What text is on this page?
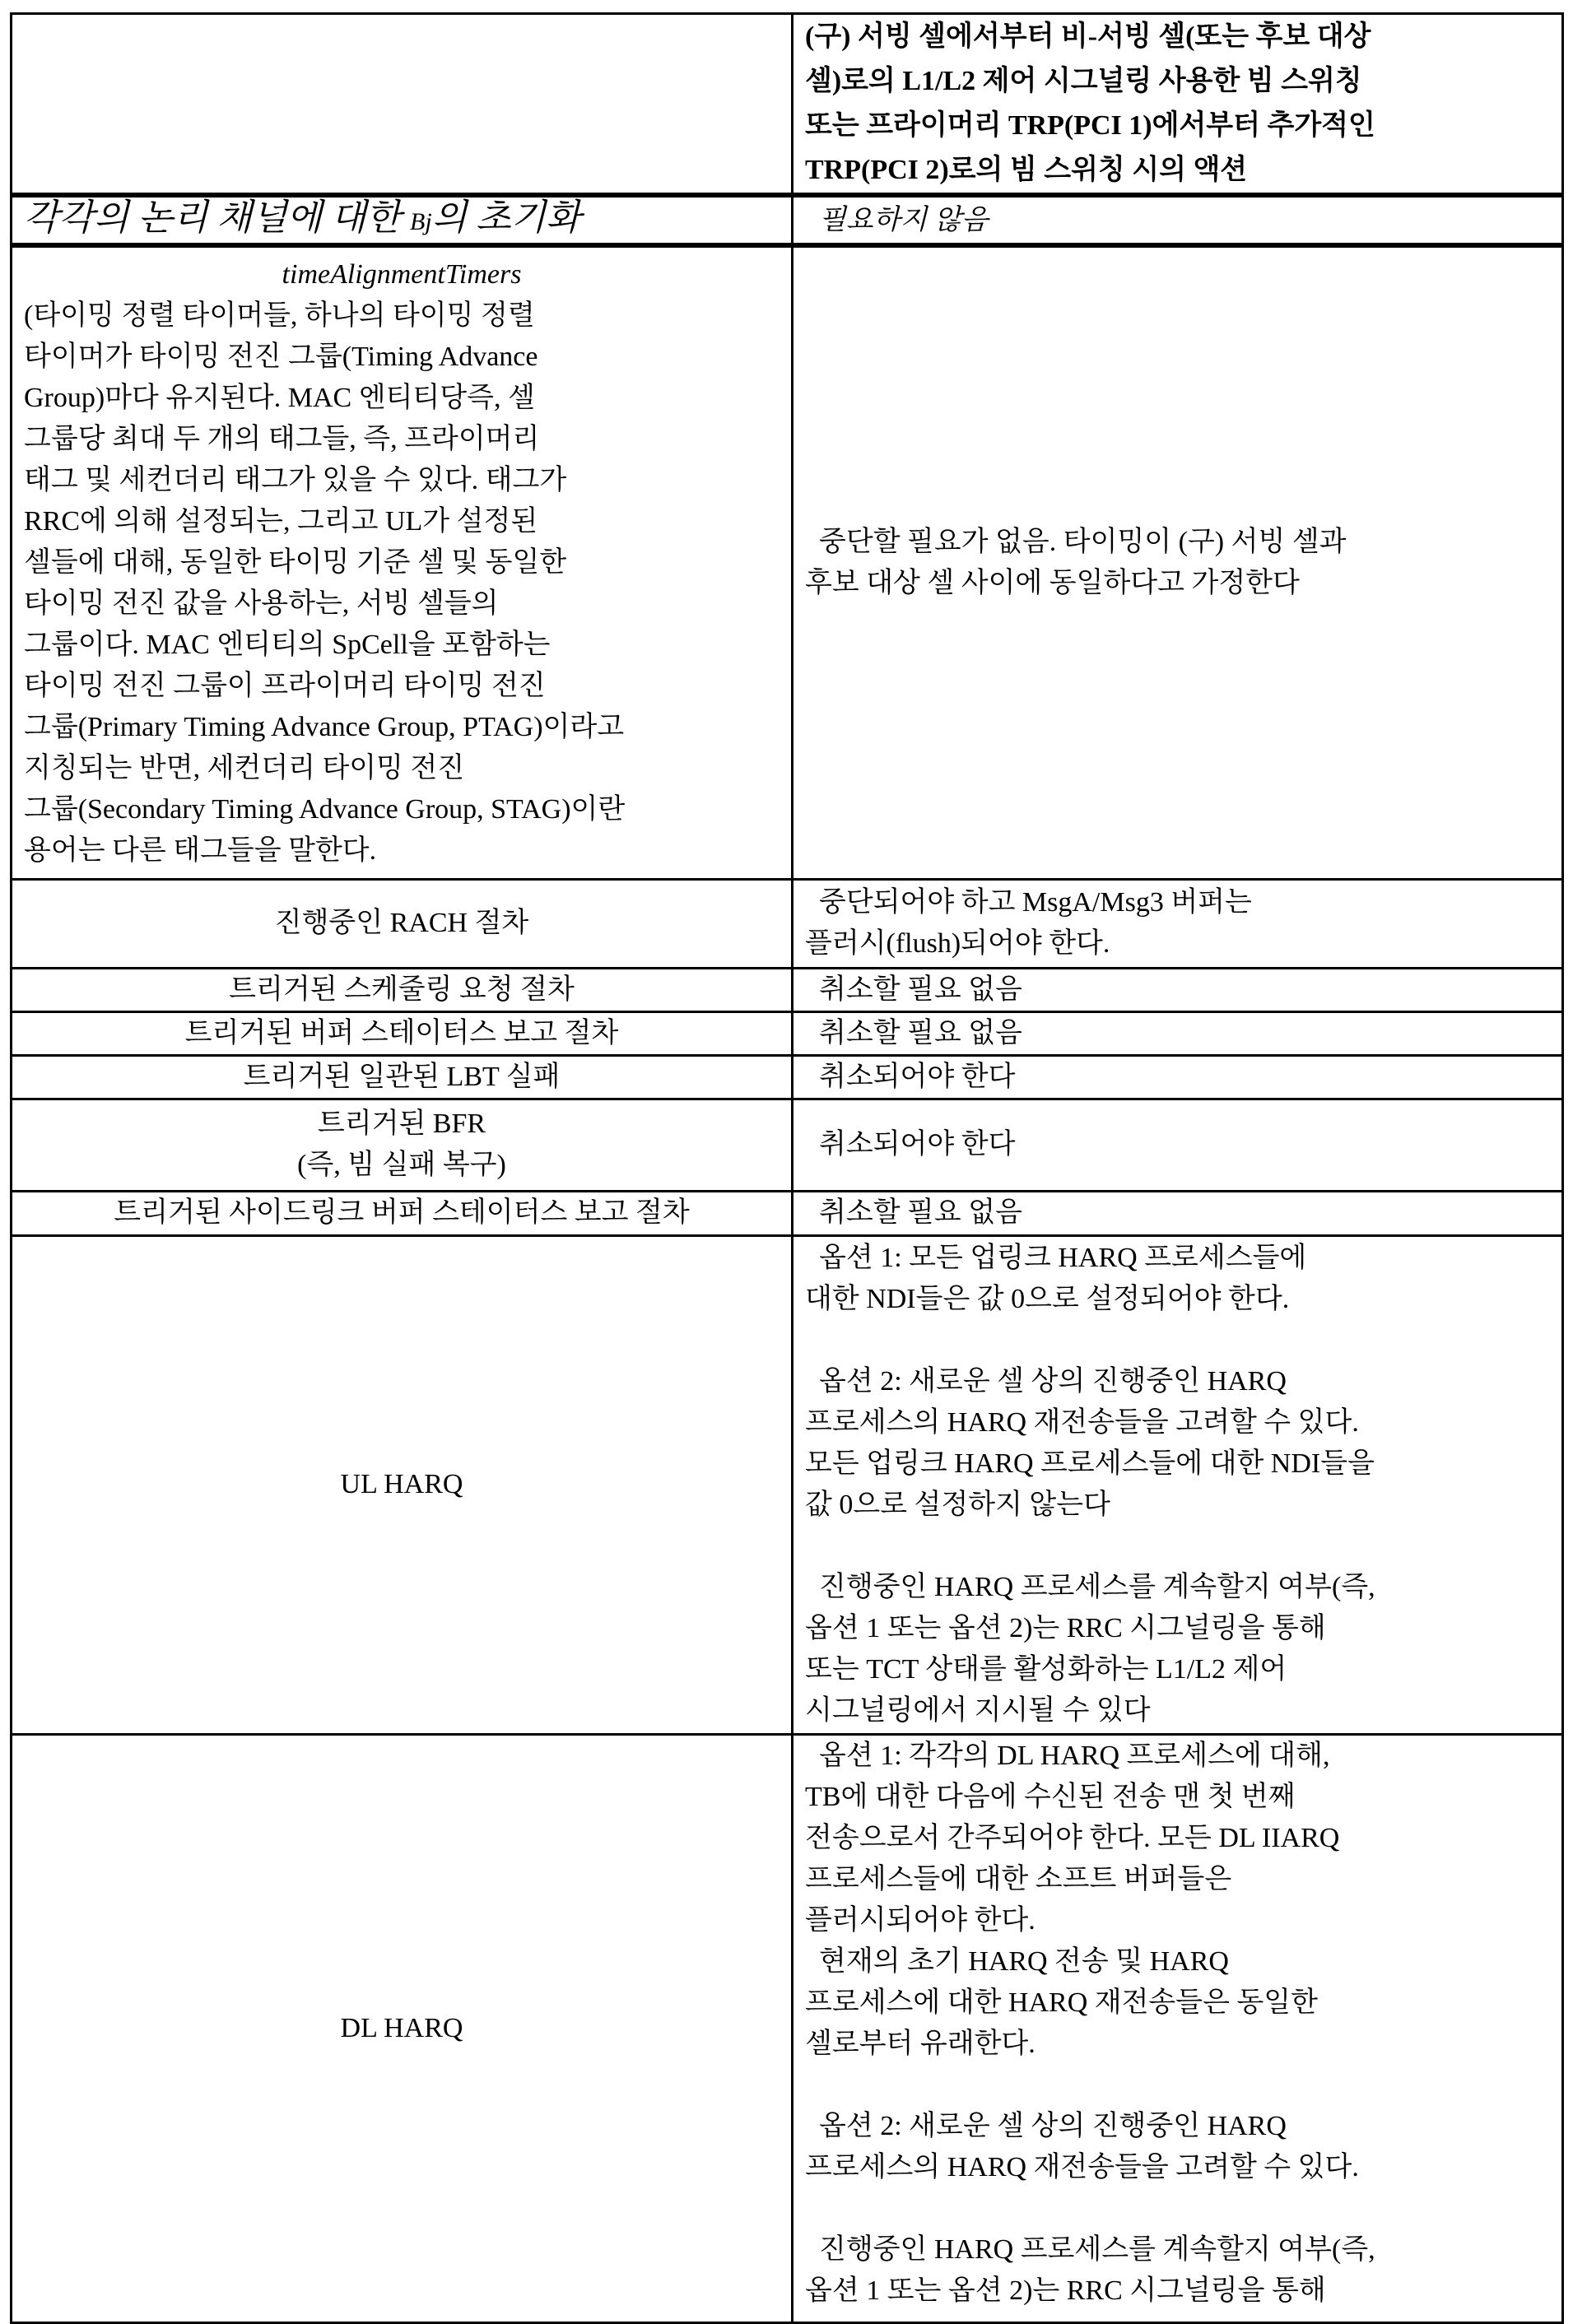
	(구) 서빙 셀에서부터 비-서빙 셀(또는 후보 대상
셀)로의 L1/L2 제어 시그널링 사용한 빔 스위칭
또는 프라이머리 TRP(PCI 1)에서부터 추가적인
TRP(PCI 2)로의 빔 스위칭 시의 액션
각각의 논리 채널에 대한 Bj의 초기화	필요하지 않음

timeAlignmentTimers
(타이밍 정렬 타이머들, 하나의 타이밍 정렬
타이머가 타이밍 전진 그룹(Timing Advance
Group)마다 유지된다. MAC 엔티티당즉, 셀
그룹당 최대 두 개의 태그들, 즉, 프라이머리
태그 및 세컨더리 태그가 있을 수 있다. 태그가
RRC에 의해 설정되는, 그리고 UL가 설정된
셀들에 대해, 동일한 타이밍 기준 셀 및 동일한
타이밍 전진 값을 사용하는, 서빙 셀들의
그룹이다. MAC 엔티티의 SpCell을 포함하는
타이밍 전진 그룹이 프라이머리 타이밍 전진
그룹(Primary Timing Advance Group, PTAG)이라고
지칭되는 반면, 세컨더리 타이밍 전진
그룹(Secondary Timing Advance Group, STAG)이란
용어는 다른 태그들을 말한다.	중단할 필요가 없음. 타이밍이 (구) 서빙 셀과
후보 대상 셀 사이에 동일하다고 가정한다
진행중인 RACH 절차	중단되어야 하고 MsgA/Msg3 버퍼는
플러시(flush)되어야 한다.
트리거된 스케줄링 요청 절차	취소할 필요 없음
트리거된 버퍼 스테이터스 보고 절차	취소할 필요 없음
트리거된 일관된 LBT 실패	취소되어야 한다
트리거된 BFR
(즉, 빔 실패 복구)	취소되어야 한다
트리거된 사이드링크 버퍼 스테이터스 보고 절차	취소할 필요 없음
UL HARQ	옵션 1: 모든 업링크 HARQ 프로세스들에
대한 NDI들은 값 0으로 설정되어야 한다.

옵션 2: 새로운 셀 상의 진행중인 HARQ
프로세스의 HARQ 재전송들을 고려할 수 있다.
모든 업링크 HARQ 프로세스들에 대한 NDI들을
값 0으로 설정하지 않는다

진행중인 HARQ 프로세스를 계속할지 여부(즉,
옵션 1 또는 옵션 2)는 RRC 시그널링을 통해
또는 TCT 상태를 활성화하는 L1/L2 제어
시그널링에서 지시될 수 있다
DL HARQ	옵션 1: 각각의 DL HARQ 프로세스에 대해,
TB에 대한 다음에 수신된 전송 맨 첫 번째
전송으로서 간주되어야 한다. 모든 DL IIARQ
프로세스들에 대한 소프트 버퍼들은
플러시되어야 한다.
현재의 초기 HARQ 전송 및 HARQ
프로세스에 대한 HARQ 재전송들은 동일한
셀로부터 유래한다.

옵션 2: 새로운 셀 상의 진행중인 HARQ
프로세스의 HARQ 재전송들을 고려할 수 있다.

진행중인 HARQ 프로세스를 계속할지 여부(즉,
옵션 1 또는 옵션 2)는 RRC 시그널링을 통해
